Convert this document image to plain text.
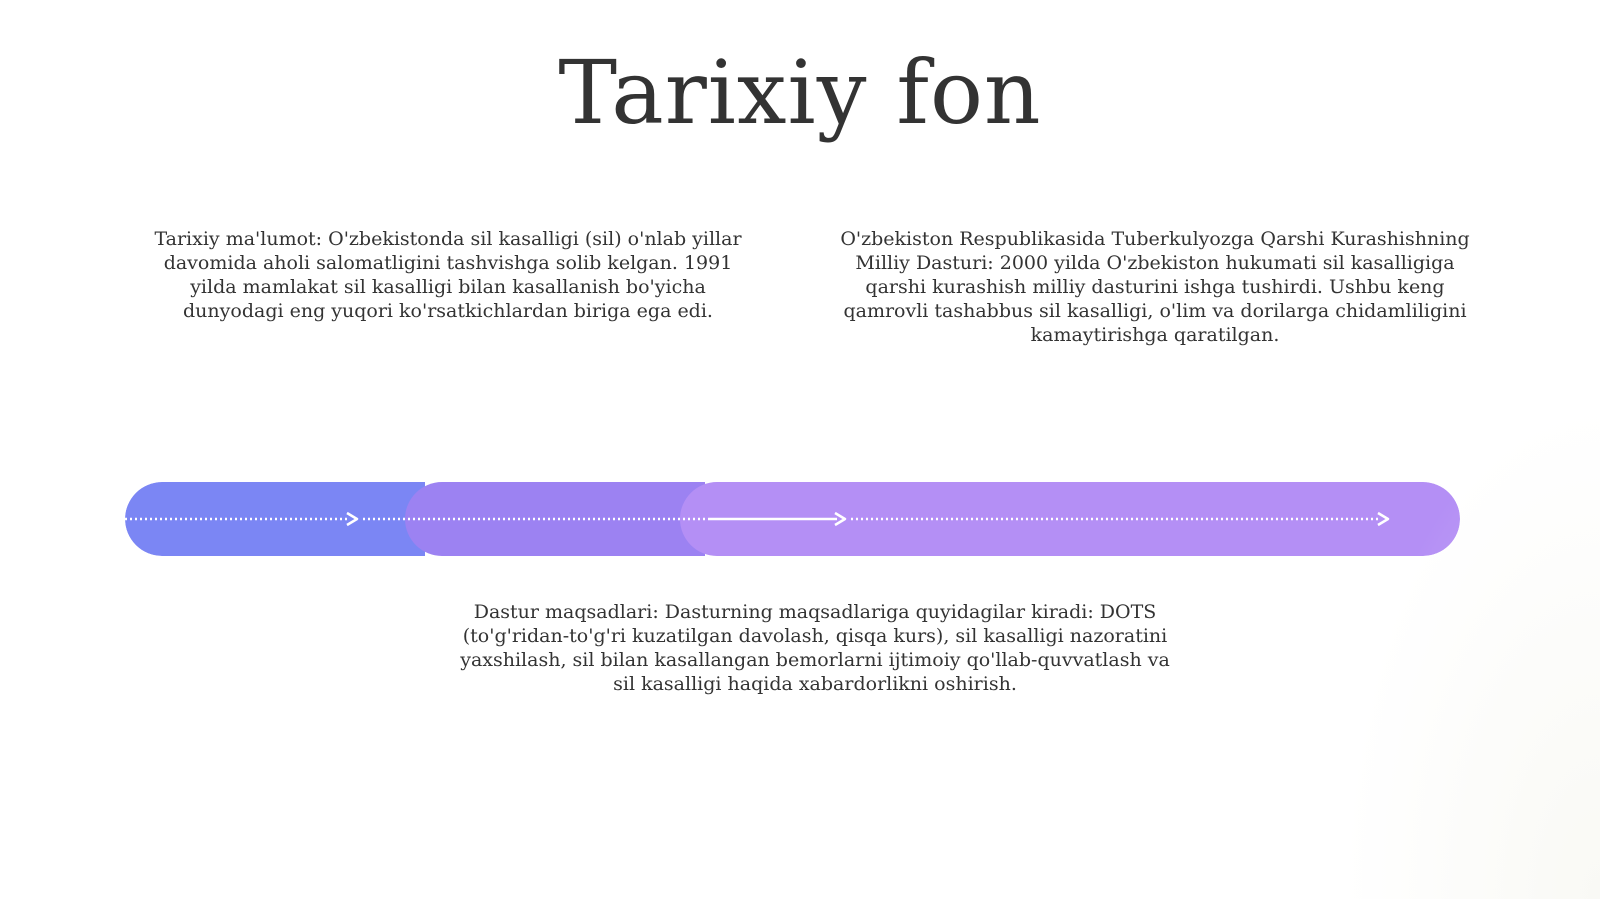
Tarixiy fon

Tarixiy ma'lumot: O'zbekistonda sil kasalligi (sil) o'nlab yillar davomida aholi salomatligini tashvishga solib kelgan. 1991 yilda mamlakat sil kasalligi bilan kasallanish bo'yicha dunyodagi eng yuqori ko'rsatkichlardan biriga ega edi.

O'zbekiston Respublikasida Tuberkulyozga Qarshi Kurashishning Milliy Dasturi: 2000 yilda O'zbekiston hukumati sil kasalligiga qarshi kurashish milliy dasturini ishga tushirdi. Ushbu keng qamrovli tashabbus sil kasalligi, o'lim va dorilarga chidamliligini kamaytirishga qaratilgan.

Dastur maqsadlari: Dasturning maqsadlariga quyidagilar kiradi: DOTS (to'g'ridan-to'g'ri kuzatilgan davolash, qisqa kurs), sil kasalligi nazoratini yaxshilash, sil bilan kasallangan bemorlarni ijtimoiy qo'llab-quvvatlash va sil kasalligi haqida xabardorlikni oshirish.
